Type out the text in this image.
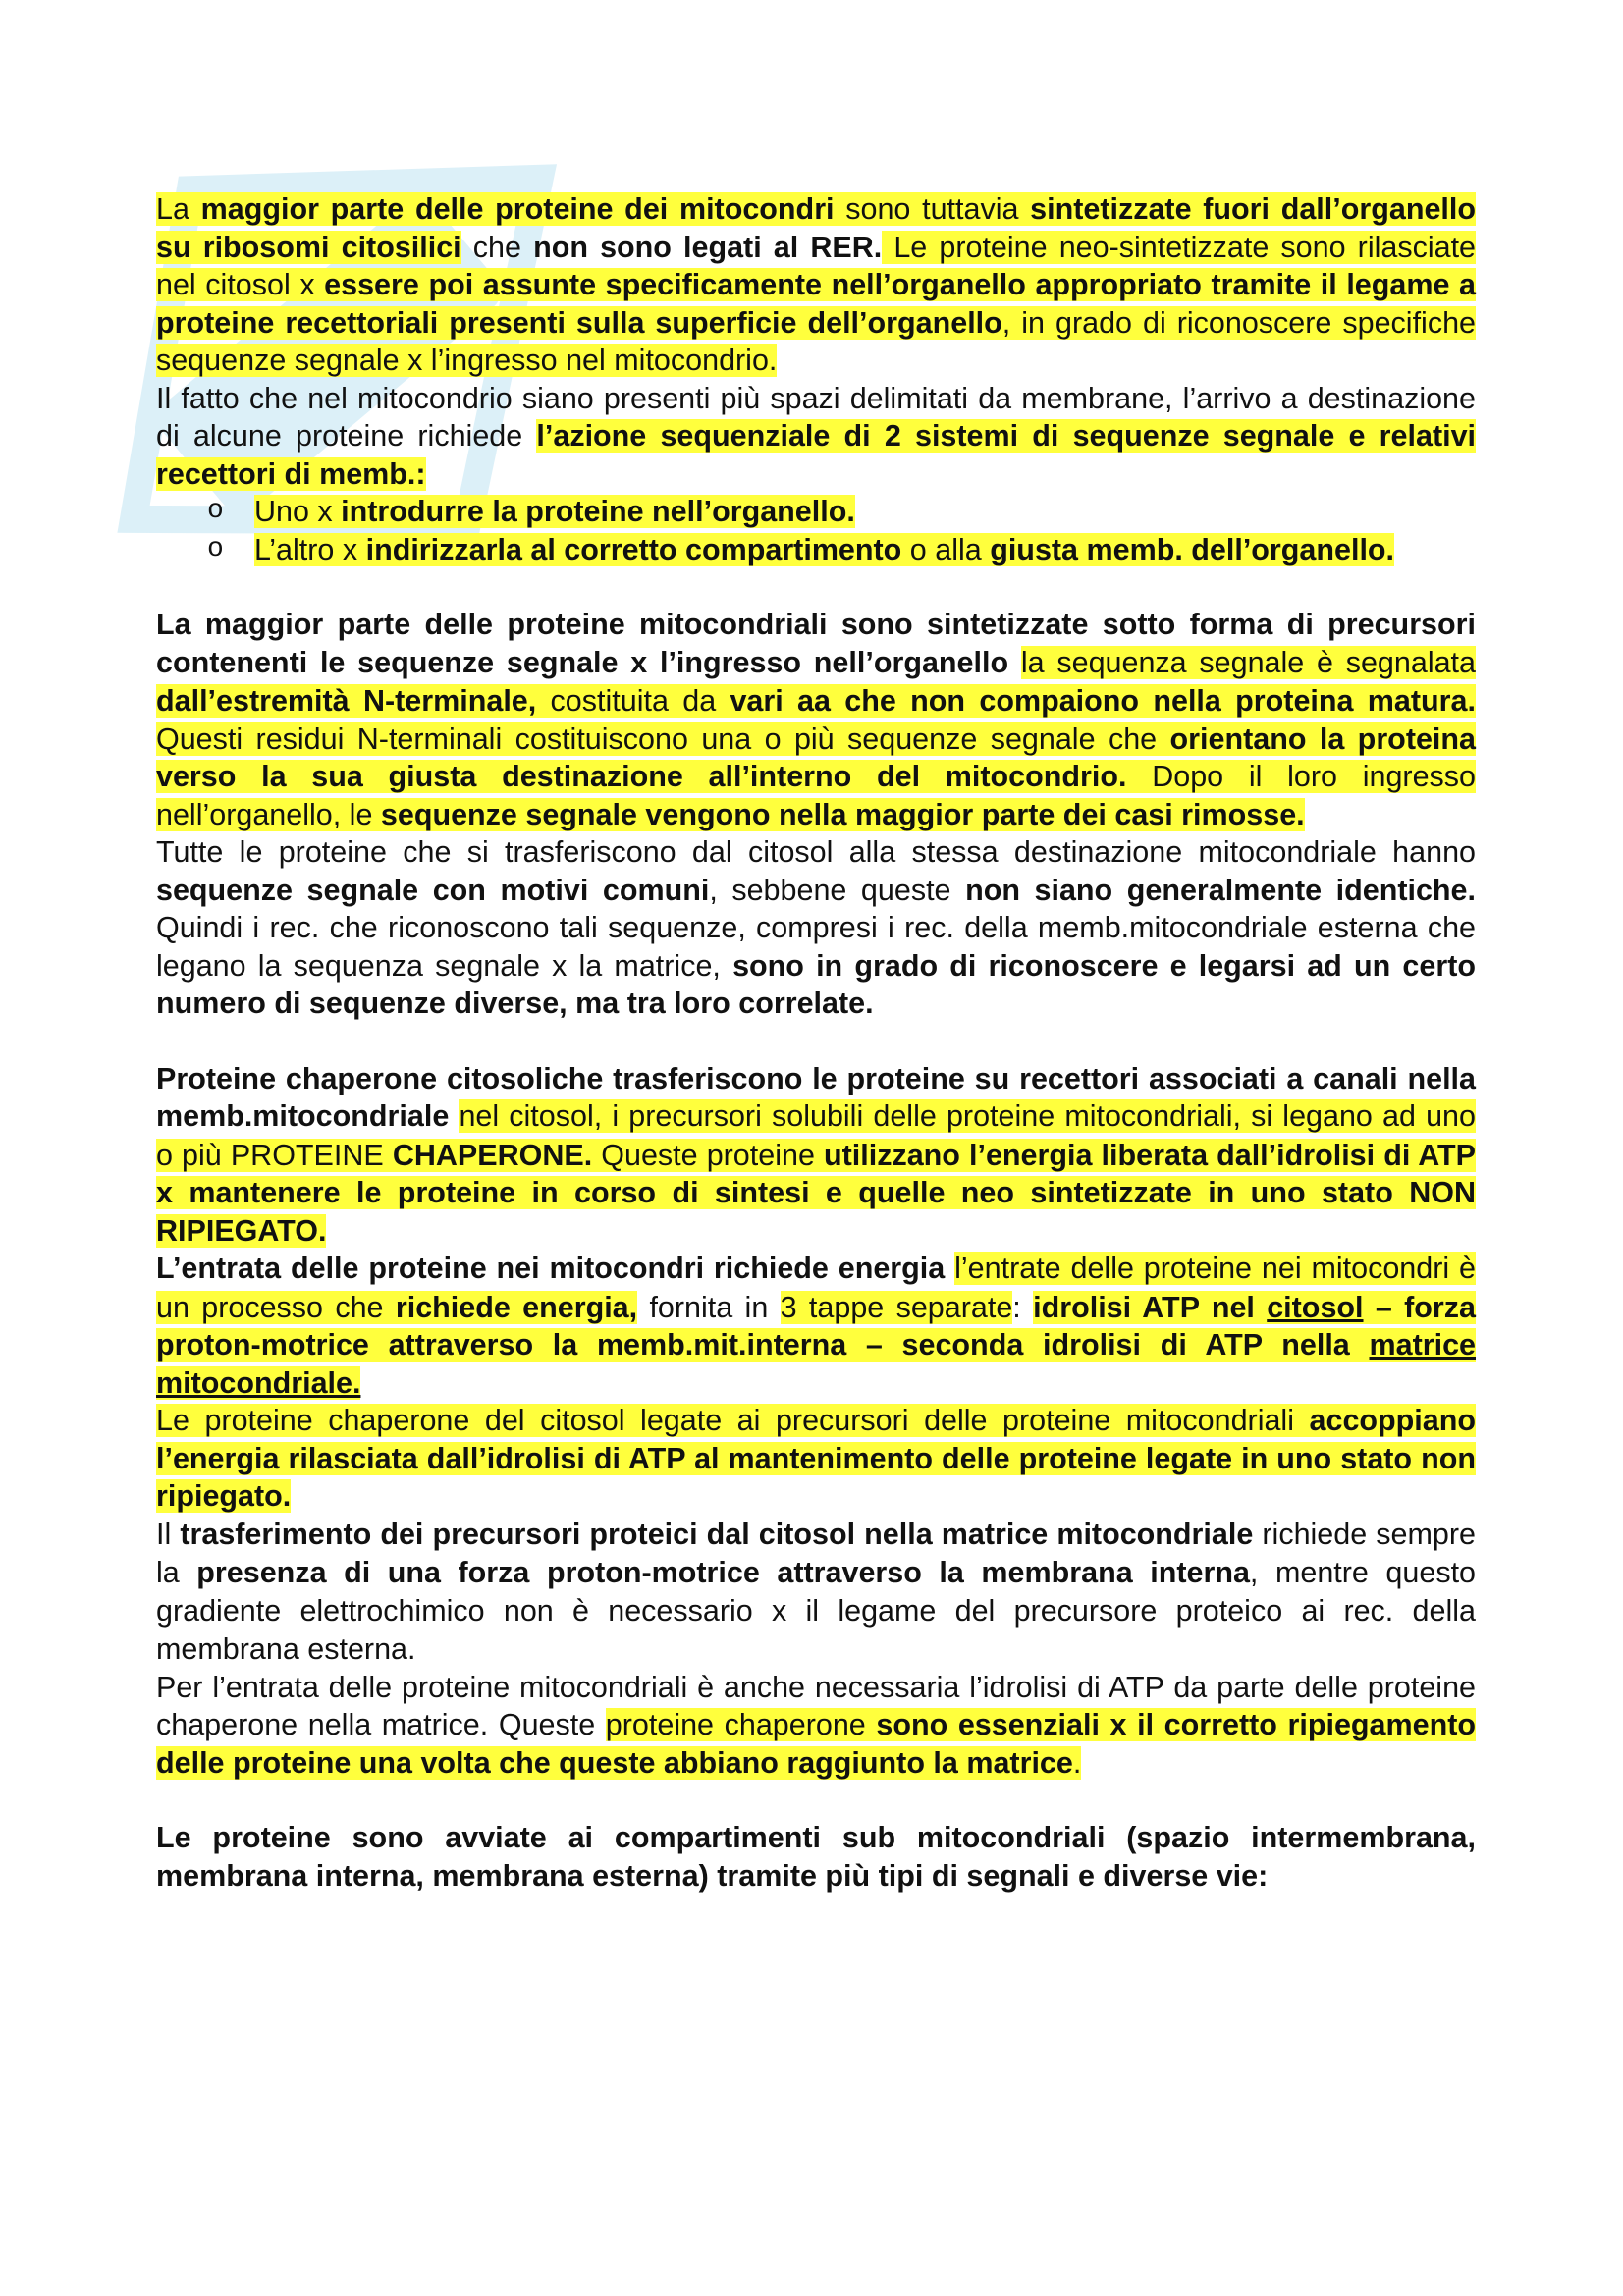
La maggior parte delle proteine dei mitocondri sono tuttavia sintetizzate fuori dall’organello su ribosomi citosilici che non sono legati al RER. Le proteine neo-sintetizzate sono rilasciate nel citosol x essere poi assunte specificamente nell’organello appropriato tramite il legame a proteine recettoriali presenti sulla superficie dell’organello, in grado di riconoscere specifiche sequenze segnale x l’ingresso nel mitocondrio.

Il fatto che nel mitocondrio siano presenti più spazi delimitati da membrane, l’arrivo a destinazione di alcune proteine richiede l’azione sequenziale di 2 sistemi di sequenze segnale e relativi recettori di memb.:

o Uno x introdurre la proteine nell’organello.
o L’altro x indirizzarla al corretto compartimento o alla giusta memb. dell’organello.

La maggior parte delle proteine mitocondriali sono sintetizzate sotto forma di precursori contenenti le sequenze segnale x l’ingresso nell’organello la sequenza segnale è segnalata dall’estremità N-terminale, costituita da vari aa che non compaiono nella proteina matura. Questi residui N-terminali costituiscono una o più sequenze segnale che orientano la proteina verso la sua giusta destinazione all’interno del mitocondrio. Dopo il loro ingresso nell’organello, le sequenze segnale vengono nella maggior parte dei casi rimosse.

Tutte le proteine che si trasferiscono dal citosol alla stessa destinazione mitocondriale hanno sequenze segnale con motivi comuni, sebbene queste non siano generalmente identiche. Quindi i rec. che riconoscono tali sequenze, compresi i rec. della memb.mitocondriale esterna che legano la sequenza segnale x la matrice, sono in grado di riconoscere e legarsi ad un certo numero di sequenze diverse, ma tra loro correlate.

Proteine chaperone citosoliche trasferiscono le proteine su recettori associati a canali nella memb.mitocondriale nel citosol, i precursori solubili delle proteine mitocondriali, si legano ad uno o più PROTEINE CHAPERONE. Queste proteine utilizzano l’energia liberata dall’idrolisi di ATP x mantenere le proteine in corso di sintesi e quelle neo sintetizzate in uno stato NON RIPIEGATO.

L’entrata delle proteine nei mitocondri richiede energia l’entrate delle proteine nei mitocondri è un processo che richiede energia, fornita in 3 tappe separate: idrolisi ATP nel citosol – forza proton-motrice attraverso la memb.mit.interna – seconda idrolisi di ATP nella matrice mitocondriale.

Le proteine chaperone del citosol legate ai precursori delle proteine mitocondriali accoppiano l’energia rilasciata dall’idrolisi di ATP al mantenimento delle proteine legate in uno stato non ripiegato.

Il trasferimento dei precursori proteici dal citosol nella matrice mitocondriale richiede sempre la presenza di una forza proton-motrice attraverso la membrana interna, mentre questo gradiente elettrochimico non è necessario x il legame del precursore proteico ai rec. della membrana esterna.

Per l’entrata delle proteine mitocondriali è anche necessaria l’idrolisi di ATP da parte delle proteine chaperone nella matrice. Queste proteine chaperone sono essenziali x il corretto ripiegamento delle proteine una volta che queste abbiano raggiunto la matrice.

Le proteine sono avviate ai compartimenti sub mitocondriali (spazio intermembrana, membrana interna, membrana esterna) tramite più tipi di segnali e diverse vie:
